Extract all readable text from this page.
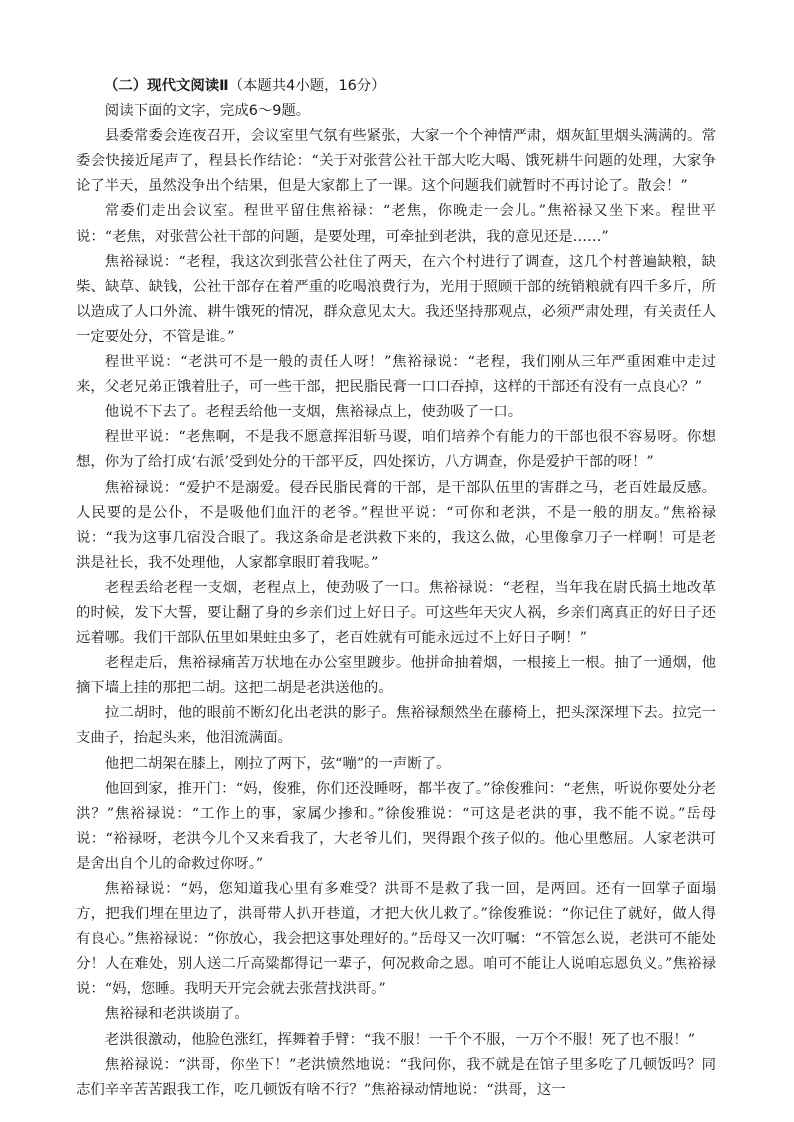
（二）现代文阅读Ⅱ（本题共4小题，16分）

阅读下面的文字，完成6～9题。

县委常委会连夜召开，会议室里气氛有些紧张，大家一个个神情严肃，烟灰缸里烟头满满的。常委会快接近尾声了，程县长作结论：“关于对张营公社干部大吃大喝、饿死耕牛问题的处理，大家争论了半天，虽然没争出个结果，但是大家都上了一课。这个问题我们就暂时不再讨论了。散会！”

常委们走出会议室。程世平留住焦裕禄：“老焦，你晚走一会儿。”焦裕禄又坐下来。程世平说：“老焦，对张营公社干部的问题，是要处理，可牵扯到老洪，我的意见还是……”

焦裕禄说：“老程，我这次到张营公社住了两天，在六个村进行了调查，这几个村普遍缺粮，缺柴、缺草、缺钱，公社干部存在着严重的吃喝浪费行为，光用于照顾干部的统销粮就有四千多斤，所以造成了人口外流、耕牛饿死的情况，群众意见太大。我还坚持那观点，必须严肃处理，有关责任人一定要处分，不管是谁。”

程世平说：“老洪可不是一般的责任人呀！”焦裕禄说：“老程，我们刚从三年严重困难中走过来，父老兄弟正饿着肚子，可一些干部，把民脂民膏一口口吞掉，这样的干部还有没有一点良心？”

他说不下去了。老程丢给他一支烟，焦裕禄点上，使劲吸了一口。

程世平说：“老焦啊，不是我不愿意挥泪斩马谡，咱们培养个有能力的干部也很不容易呀。你想想，你为了给打成‘右派’受到处分的干部平反，四处探访，八方调查，你是爱护干部的呀！”

焦裕禄说：“爱护不是溺爱。侵吞民脂民膏的干部，是干部队伍里的害群之马，老百姓最反感。人民要的是公仆，不是吸他们血汗的老爷。”程世平说：“可你和老洪，不是一般的朋友。”焦裕禄说：“我为这事几宿没合眼了。我这条命是老洪救下来的，我这么做，心里像拿刀子一样啊！可是老洪是社长，我不处理他，人家都拿眼盯着我呢。”

老程丢给老程一支烟，老程点上，使劲吸了一口。焦裕禄说：“老程，当年我在尉氏搞土地改革的时候，发下大誓，要让翻了身的乡亲们过上好日子。可这些年天灾人祸，乡亲们离真正的好日子还远着哪。我们干部队伍里如果蛀虫多了，老百姓就有可能永远过不上好日子啊！”

老程走后，焦裕禄痛苦万状地在办公室里踱步。他拼命抽着烟，一根接上一根。抽了一通烟，他摘下墙上挂的那把二胡。这把二胡是老洪送他的。

拉二胡时，他的眼前不断幻化出老洪的影子。焦裕禄颓然坐在藤椅上，把头深深埋下去。拉完一支曲子，抬起头来，他泪流满面。

他把二胡架在膝上，刚拉了两下，弦“嘣”的一声断了。

他回到家，推开门：“妈，俊雅，你们还没睡呀，都半夜了。”徐俊雅问：“老焦，听说你要处分老洪？”焦裕禄说：“工作上的事，家属少掺和。”徐俊雅说：“可这是老洪的事，我不能不说。”岳母说：“裕禄呀，老洪今儿个又来看我了，大老爷儿们，哭得跟个孩子似的。他心里憋屈。人家老洪可是舍出自个儿的命救过你呀。”

焦裕禄说：“妈，您知道我心里有多难受？洪哥不是救了我一回，是两回。还有一回掌子面塌方，把我们埋在里边了，洪哥带人扒开巷道，才把大伙儿救了。”徐俊雅说：“你记住了就好，做人得有良心。”焦裕禄说：“你放心，我会把这事处理好的。”岳母又一次叮嘱：“不管怎么说，老洪可不能处分！人在难处，别人送二斤高粱都得记一辈子，何况救命之恩。咱可不能让人说咱忘恩负义。”焦裕禄说：“妈，您睡。我明天开完会就去张营找洪哥。”

焦裕禄和老洪谈崩了。

老洪很激动，他脸色涨红，挥舞着手臂：“我不服！一千个不服，一万个不服！死了也不服！”

焦裕禄说：“洪哥，你坐下！”老洪愤然地说：“我问你，我不就是在馆子里多吃了几顿饭吗？同志们辛辛苦苦跟我工作，吃几顿饭有啥不行？”焦裕禄动情地说：“洪哥，这一
